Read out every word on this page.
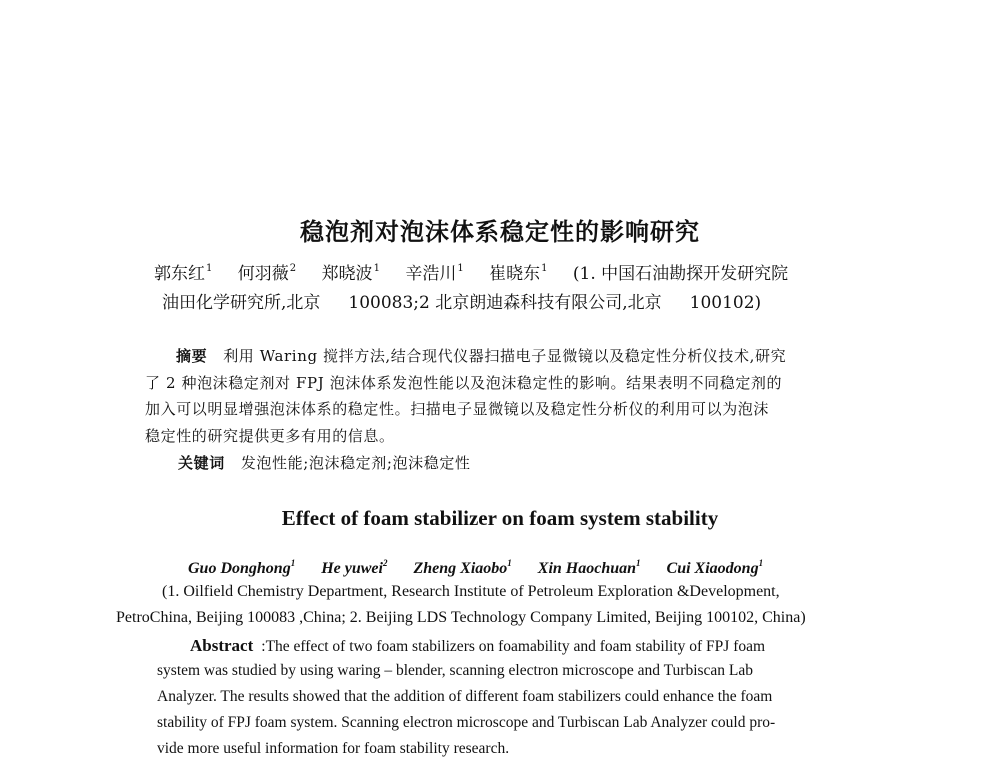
稳泡剂对泡沫体系稳定性的影响研究
郭东红$^1$ 何羽薇$^2$ 郑晓波$^1$ 辛浩川$^1$ 崔晓东$^1$ (1. 中国石油勘探开发研究院
油田化学研究所,北京 100083;2 北京朗迪森科技有限公司,北京 100102)
摘要 利用 Waring 搅拌方法,结合现代仪器扫描电子显微镜以及稳定性分析仪技术,研究
了 2 种泡沫稳定剂对 FPJ 泡沫体系发泡性能以及泡沫稳定性的影响。结果表明不同稳定剂的
加入可以明显增强泡沫体系的稳定性。扫描电子显微镜以及稳定性分析仪的利用可以为泡沫
稳定性的研究提供更多有用的信息。
关键词 发泡性能;泡沫稳定剂;泡沫稳定性
Effect of foam stabilizer on foam system stability
Guo Donghong$^1$ He yuwei$^2$ Zheng Xiaobo$^1$ Xin Haochuan$^1$ Cui Xiaodong$^1$
(1. Oilfield Chemistry Department, Research Institute of Petroleum Exploration &Development,
PetroChina, Beijing 100083 ,China; 2. Beijing LDS Technology Company Limited, Beijing 100102, China)
Abstract :The effect of two foam stabilizers on foamability and foam stability of FPJ foam
system was studied by using waring – blender, scanning electron microscope and Turbiscan Lab
Analyzer. The results showed that the addition of different foam stabilizers could enhance the foam
stability of FPJ foam system. Scanning electron microscope and Turbiscan Lab Analyzer could pro-
vide more useful information for foam stability research.
